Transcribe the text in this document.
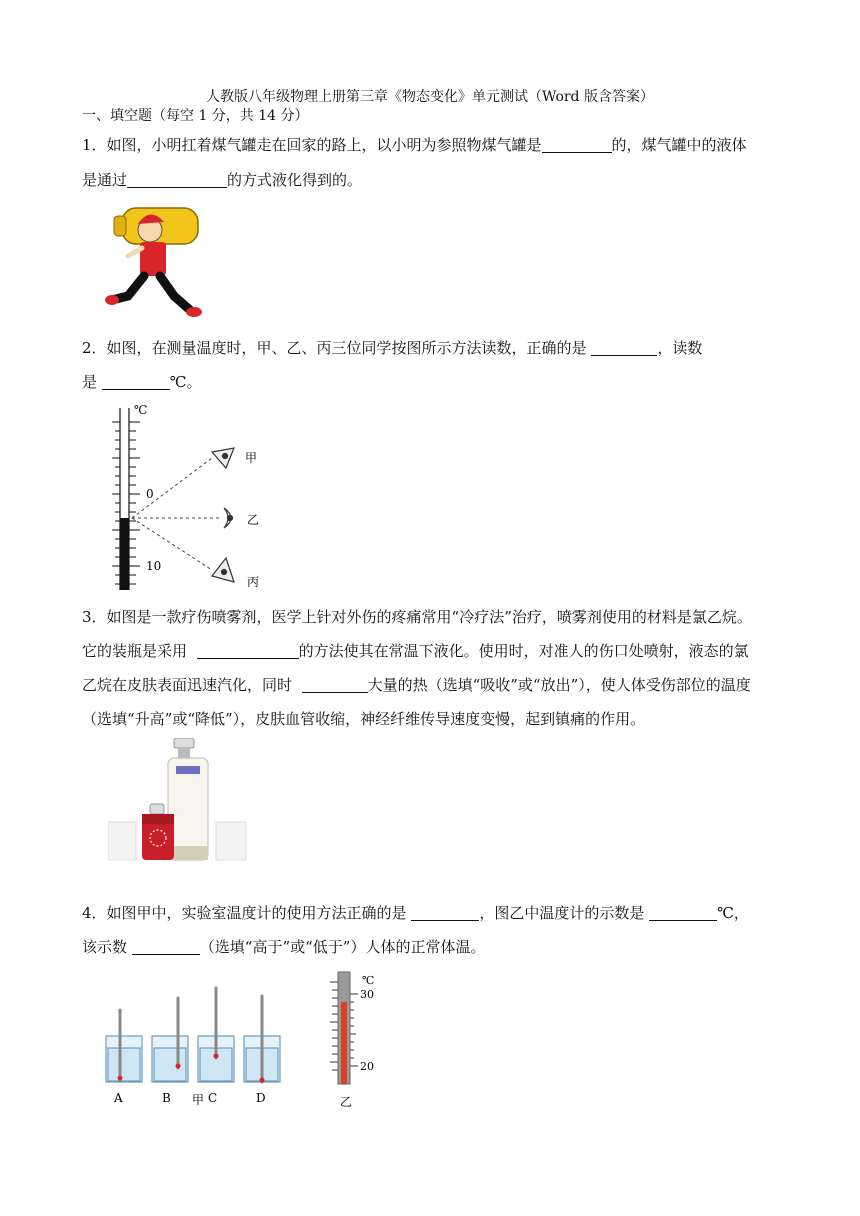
人教版八年级物理上册第三章《物态变化》单元测试（Word 版含答案）
一、填空题（每空 1 分，共 14 分）
1．如图，小明扛着煤气罐走在回家的路上，以小明为参照物煤气罐是	的，煤气罐中的液体
是通过	的方式液化得到的。
2．如图，在测量温度时，甲、乙、丙三位同学按图所示方法读数，正确的是	，读数
是	℃。
℃
0
10
甲
乙
丙
3．如图是一款疗伤喷雾剂，医学上针对外伤的疼痛常用“冷疗法”治疗，喷雾剂使用的材料是氯乙烷。
它的装瓶是采用	的方法使其在常温下液化。使用时，对准人的伤口处喷射，液态的氯
乙烷在皮肤表面迅速汽化，同时	大量的热（选填“吸收”或“放出”），使人体受伤部位的温度
（选填“升高”或“降低”），皮肤血管收缩，神经纤维传导速度变慢，起到镇痛的作用。
4．如图甲中，实验室温度计的使用方法正确的是	，图乙中温度计的示数是	℃，
该示数	（选填“高于”或“低于”）人体的正常体温。
A	B	C	D
甲
℃
30
20
乙
